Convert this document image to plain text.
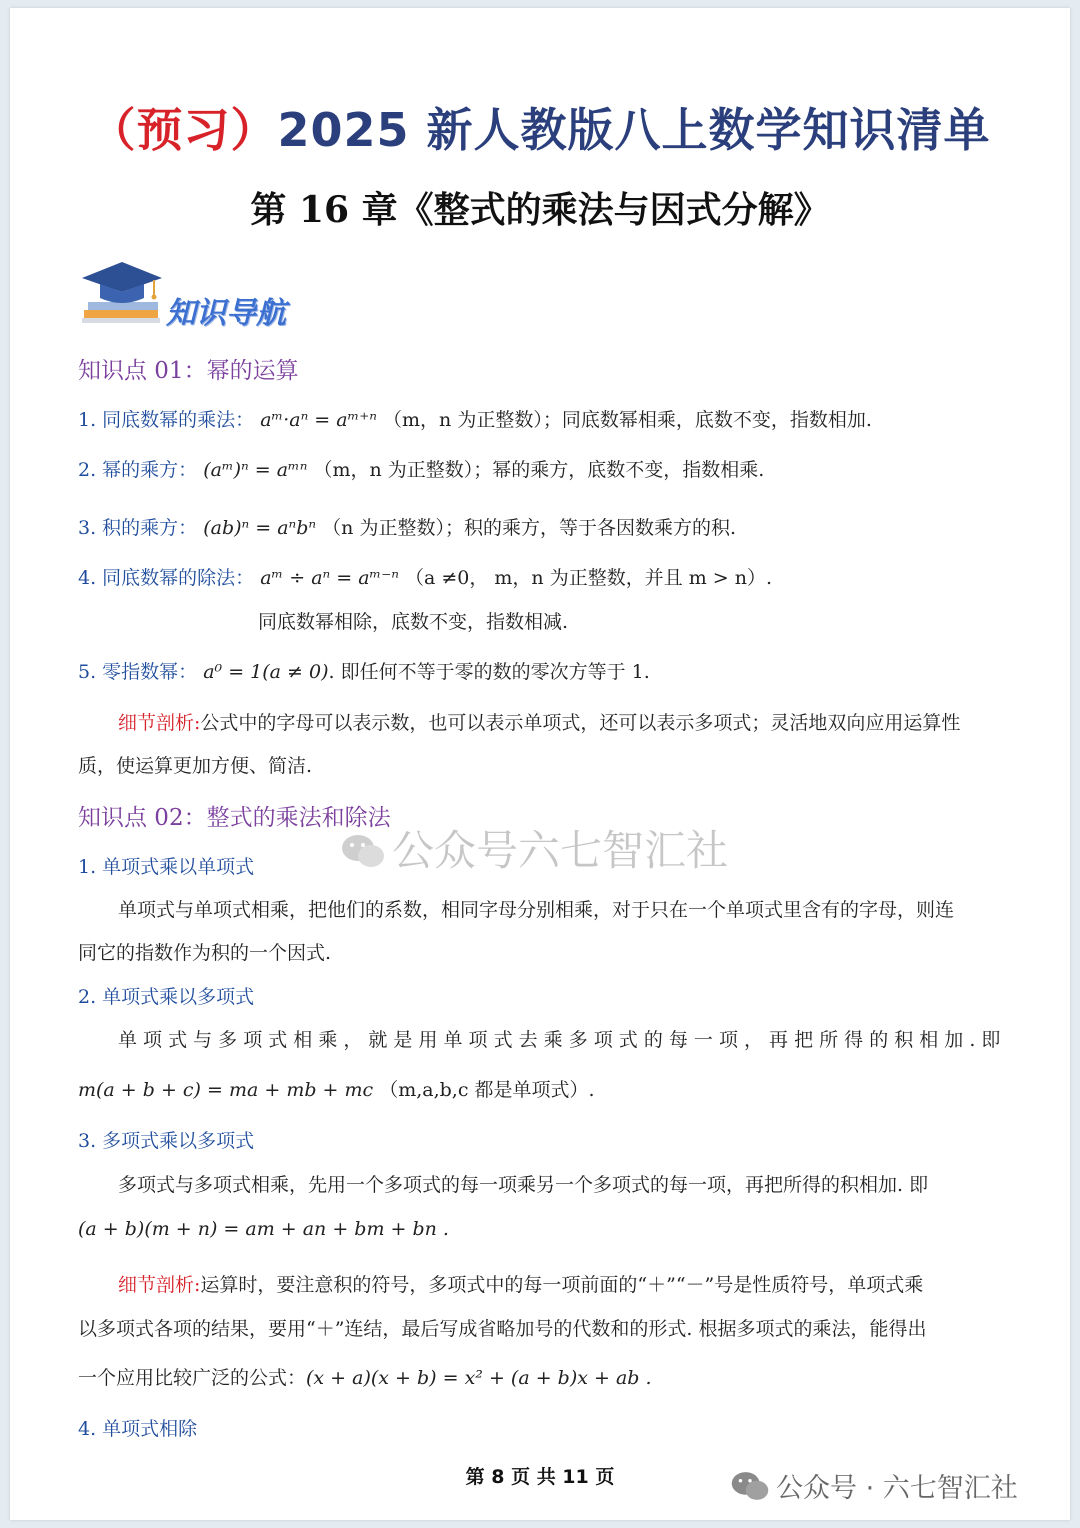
（预习）2025 新人教版八上数学知识清单
第 16 章《整式的乘法与因式分解》
知识导航
知识点 01：幂的运算
1. 同底数幂的乘法： aᵐ·aⁿ = aᵐ⁺ⁿ （m，n 为正整数）；同底数幂相乘，底数不变，指数相加.
2. 幂的乘方： (aᵐ)ⁿ = aᵐⁿ （m，n 为正整数）；幂的乘方，底数不变，指数相乘.
3. 积的乘方： (ab)ⁿ = aⁿbⁿ （n 为正整数）；积的乘方，等于各因数乘方的积.
4. 同底数幂的除法： aᵐ ÷ aⁿ = aᵐ⁻ⁿ （a ≠0， m，n 为正整数，并且 m > n）.
同底数幂相除，底数不变，指数相减.
5. 零指数幂： a⁰ = 1(a ≠ 0). 即任何不等于零的数的零次方等于 1.
细节剖析:公式中的字母可以表示数，也可以表示单项式，还可以表示多项式；灵活地双向应用运算性
质，使运算更加方便、简洁.
知识点 02：整式的乘法和除法
公众号六七智汇社
1. 单项式乘以单项式
单项式与单项式相乘，把他们的系数，相同字母分别相乘，对于只在一个单项式里含有的字母，则连
同它的指数作为积的一个因式.
2. 单项式乘以多项式
单 项 式 与 多 项 式 相 乘 ， 就 是 用 单 项 式 去 乘 多 项 式 的 每 一 项 ， 再 把 所 得 的 积 相 加 . 即
m(a + b + c) = ma + mb + mc （m,a,b,c 都是单项式）.
3. 多项式乘以多项式
多项式与多项式相乘，先用一个多项式的每一项乘另一个多项式的每一项，再把所得的积相加. 即
(a + b)(m + n) = am + an + bm + bn .
细节剖析:运算时，要注意积的符号，多项式中的每一项前面的“＋”“－”号是性质符号，单项式乘
以多项式各项的结果，要用“＋”连结，最后写成省略加号的代数和的形式. 根据多项式的乘法，能得出
一个应用比较广泛的公式：(x + a)(x + b) = x² + (a + b)x + ab .
4. 单项式相除
第 8 页 共 11 页	公众号 · 六七智汇社
